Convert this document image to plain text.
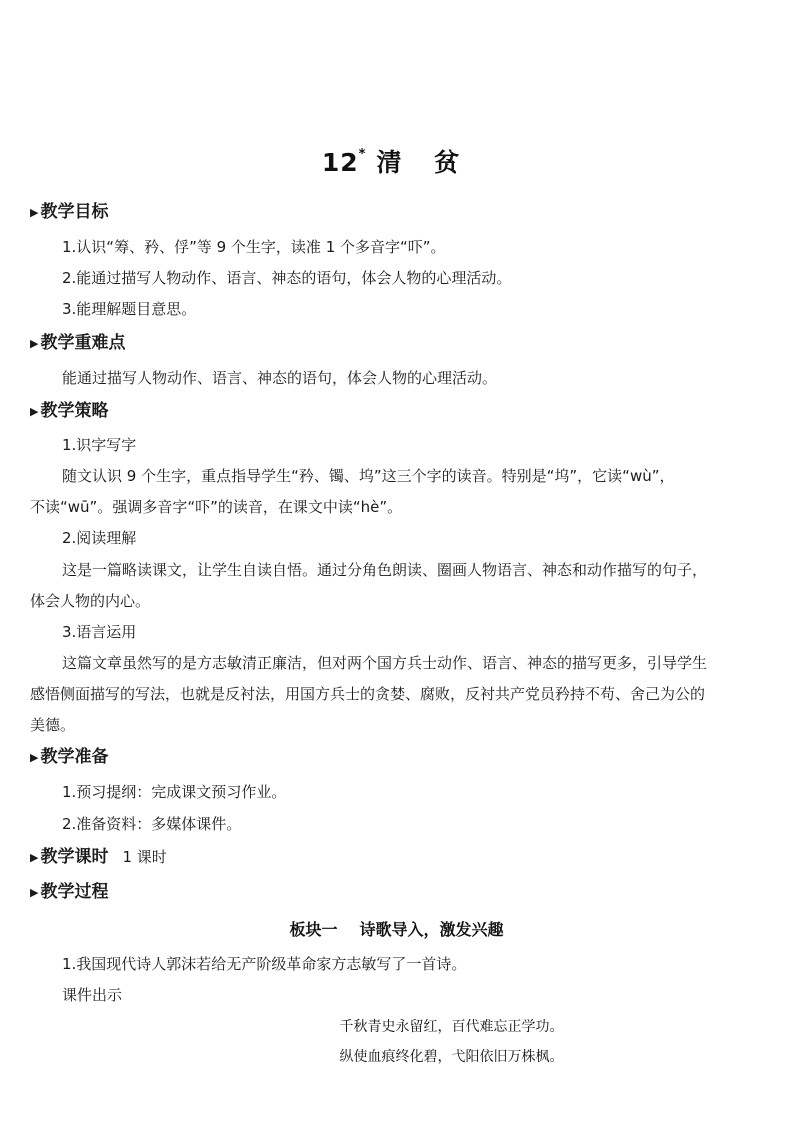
12* 清 贫
▶ 教学目标
1.认识“筹、矜、俘”等 9 个生字，读准 1 个多音字“吓”。
2.能通过描写人物动作、语言、神态的语句，体会人物的心理活动。
3.能理解题目意思。
▶ 教学重难点
能通过描写人物动作、语言、神态的语句，体会人物的心理活动。
▶ 教学策略
1.识字写字
随文认识 9 个生字，重点指导学生“矜、镯、坞”这三个字的读音。特别是“坞”，它读“wù”，
不读“wū”。强调多音字“吓”的读音，在课文中读“hè”。
2.阅读理解
这是一篇略读课文，让学生自读自悟。通过分角色朗读、圈画人物语言、神态和动作描写的句子，
体会人物的内心。
3.语言运用
这篇文章虽然写的是方志敏清正廉洁，但对两个国方兵士动作、语言、神态的描写更多，引导学生
感悟侧面描写的写法，也就是反衬法，用国方兵士的贪婪、腐败，反衬共产党员矜持不苟、舍己为公的
美德。
▶ 教学准备
1.预习提纲：完成课文预习作业。
2.准备资料：多媒体课件。
▶ 教学课时 1 课时
▶ 教学过程
板块一 诗歌导入，激发兴趣
1.我国现代诗人郭沫若给无产阶级革命家方志敏写了一首诗。
课件出示
千秋青史永留红，百代难忘正学功。
纵使血痕终化碧，弋阳依旧万株枫。
